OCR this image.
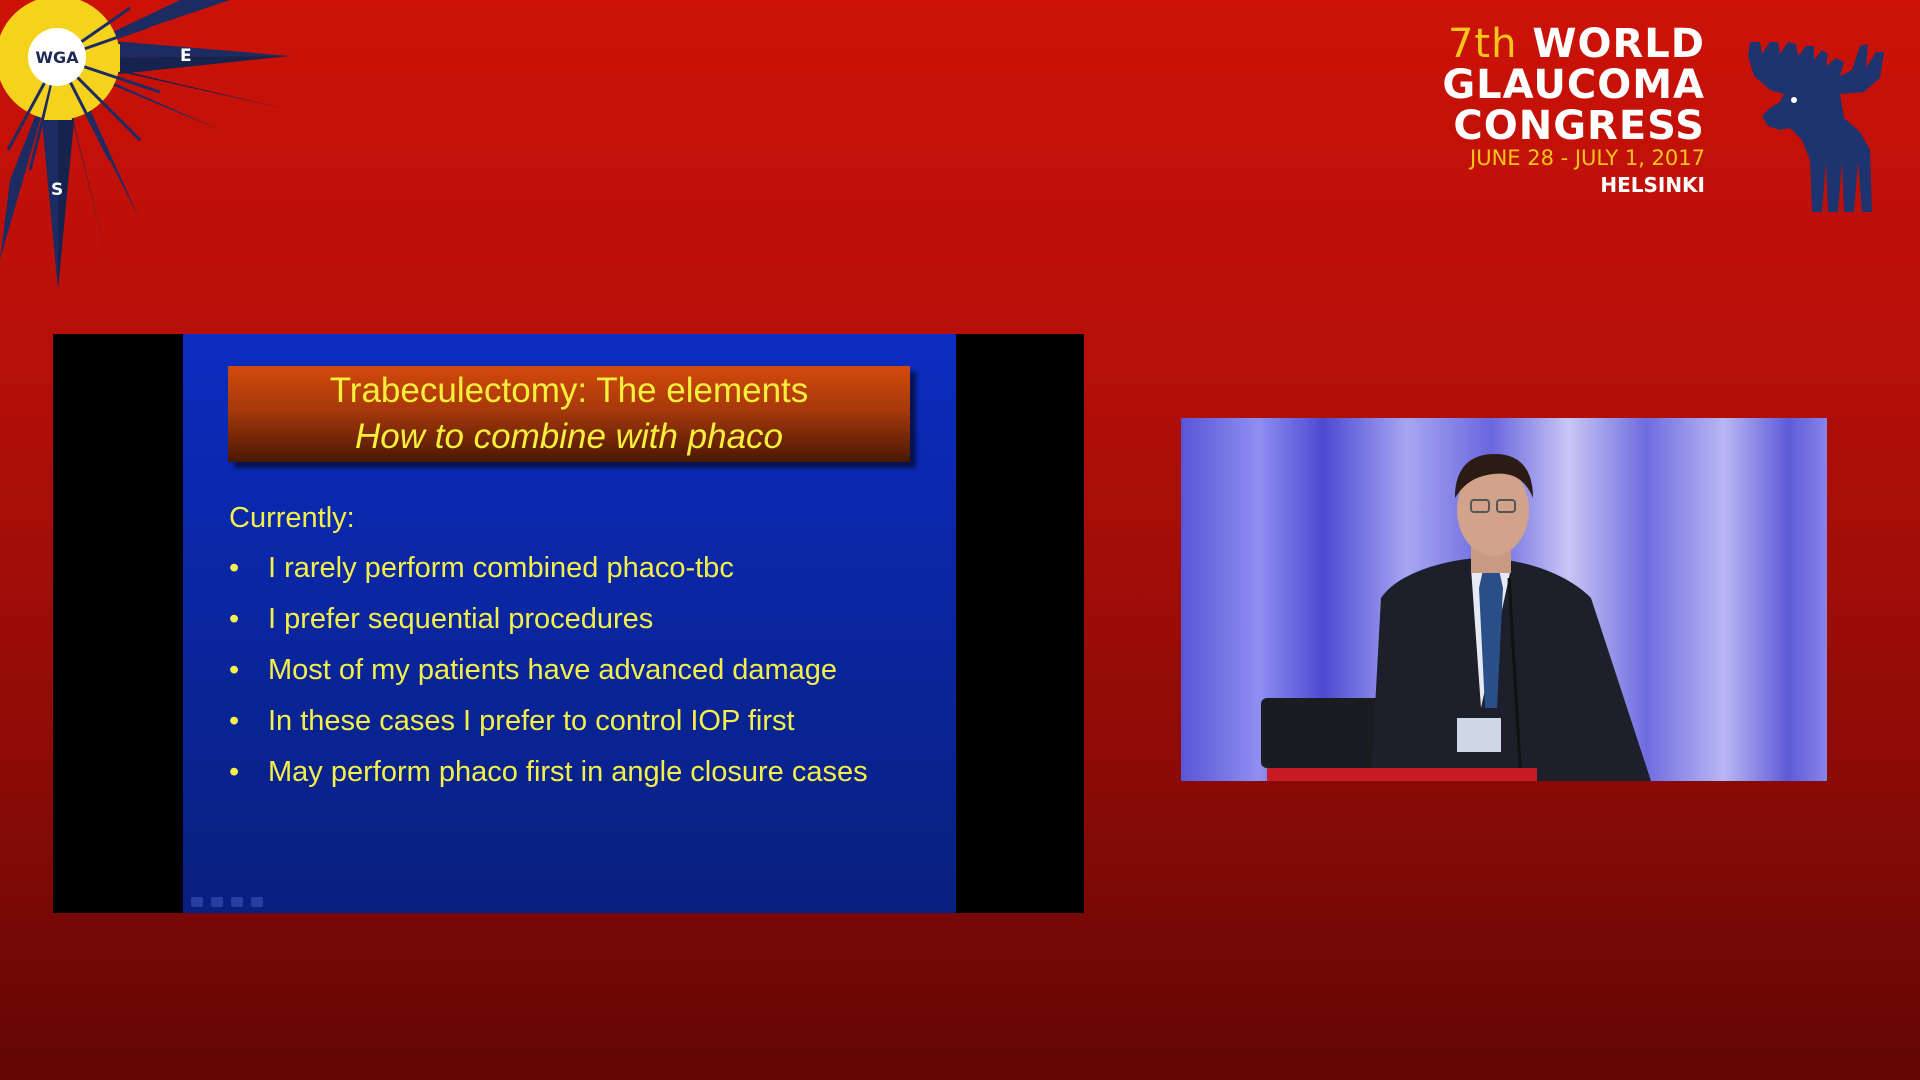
WGA	E
S
7th WORLD
GLAUCOMA
CONGRESS
JUNE 28 - JULY 1, 2017
HELSINKI
Trabeculectomy: The elements
How to combine with phaco
Currently:
• I rarely perform combined phaco-tbc
• I prefer sequential procedures
• Most of my patients have advanced damage
• In these cases I prefer to control IOP first
• May perform phaco first in angle closure cases
